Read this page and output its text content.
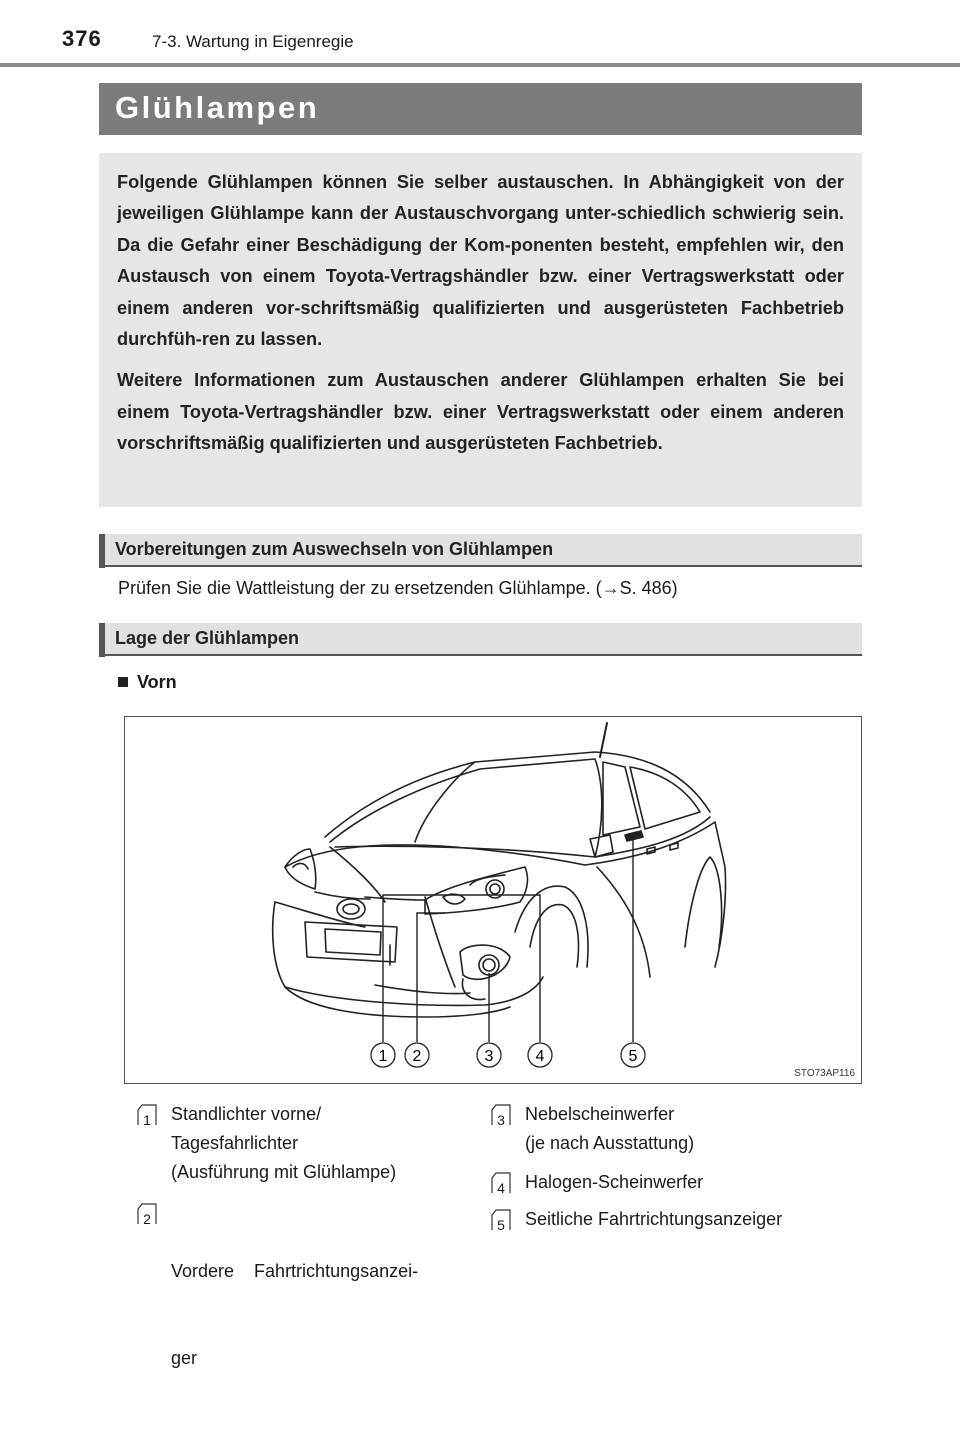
376	7-3. Wartung in Eigenregie
Glühlampen

Folgende Glühlampen können Sie selber austauschen. In Abhängigkeit von der jeweiligen Glühlampe kann der Austauschvorgang unter-schiedlich schwierig sein. Da die Gefahr einer Beschädigung der Kom-ponenten besteht, empfehlen wir, den Austausch von einem Toyota-Vertragshändler bzw. einer Vertragswerkstatt oder einem anderen vor-schriftsmäßig qualifizierten und ausgerüsteten Fachbetrieb durchfüh-ren zu lassen.

Weitere Informationen zum Austauschen anderer Glühlampen erhalten Sie bei einem Toyota-Vertragshändler bzw. einer Vertragswerkstatt oder einem anderen vorschriftsmäßig qualifizierten und ausgerüsteten Fachbetrieb.

Vorbereitungen zum Auswechseln von Glühlampen
Prüfen Sie die Wattleistung der zu ersetzenden Glühlampe. (→S. 486)
Lage der Glühlampen
Vorn
1 2	3	4	5
STO73AP116
1	Standlichter vorne/
Tagesfahrlichter
(Ausführung mit Glühlampe)
2

Vordere    Fahrtrichtungsanzei-

ger

3	Nebelscheinwerfer
(je nach Ausstattung)
4	Halogen-Scheinwerfer
5	Seitliche Fahrtrichtungsanzeiger
